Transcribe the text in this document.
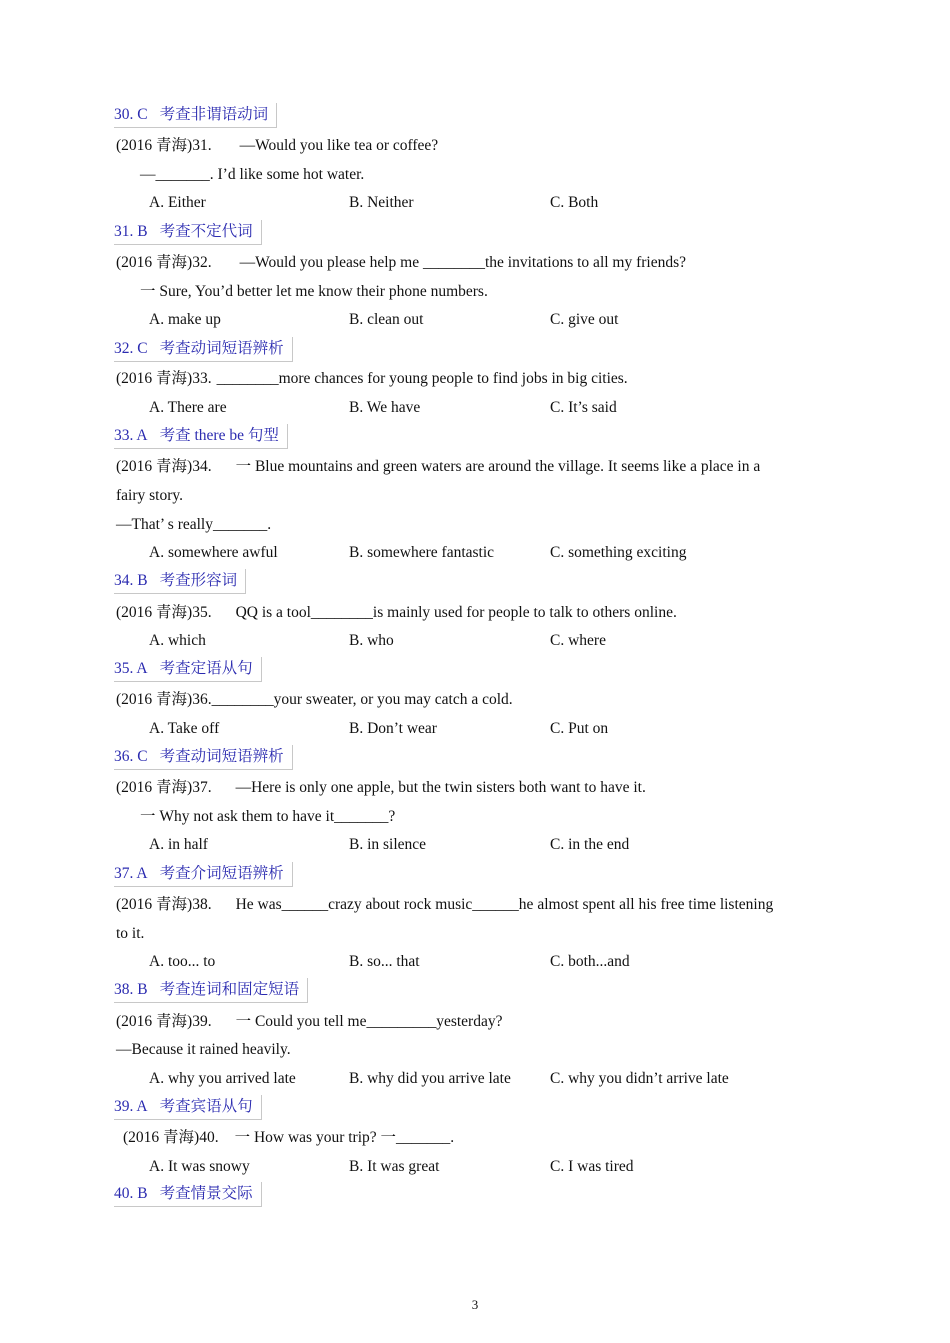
30. C 考查非谓语动词
(2016 青海)31. —Would you like tea or coffee?
—_______. I’d like some hot water.
A. Either	B. Neither	C. Both
31. B 考查不定代词
(2016 青海)32. —Would you please help me ________the invitations to all my friends?
一 Sure, You’d better let me know their phone numbers.
A. make up	B. clean out	C. give out
32. C 考查动词短语辨析
(2016 青海)33. ________more chances for young people to find jobs in big cities.
A. There are	B. We have	C. It’s said
33. A 考查 there be 句型
(2016 青海)34. 一 Blue mountains and green waters are around the village. It seems like a place in a
fairy story.
—That’ s really_______.
A. somewhere awful	B. somewhere fantastic	C. something exciting
34. B 考查形容词
(2016 青海)35. QQ is a tool________is mainly used for people to talk to others online.
A. which	B. who	C. where
35. A 考查定语从句
(2016 青海)36.________your sweater, or you may catch a cold.
A. Take off	B. Don’t wear	C. Put on
36. C 考查动词短语辨析
(2016 青海)37. —Here is only one apple, but the twin sisters both want to have it.
一 Why not ask them to have it_______?
A. in half	B. in silence	C. in the end
37. A 考查介词短语辨析
(2016 青海)38. He was______crazy about rock music______he almost spent all his free time listening
to it.
A. too... to	B. so... that	C. both...and
38. B 考查连词和固定短语
(2016 青海)39. 一 Could you tell me_________yesterday?
—Because it rained heavily.
A. why you arrived late	B. why did you arrive late	C. why you didn’t arrive late
39. A 考查宾语从句
(2016 青海)40. 一 How was your trip? 一_______.
A. It was snowy	B. It was great	C. I was tired
40. B 考查情景交际
3
